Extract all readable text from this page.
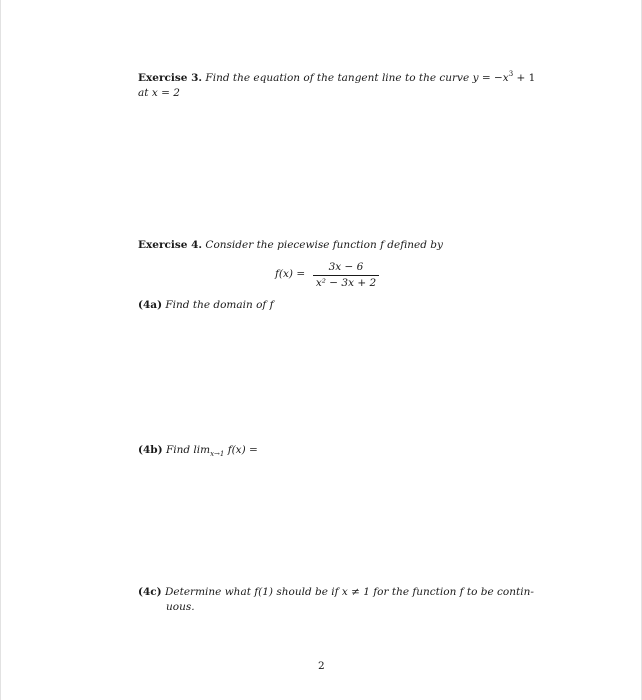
Exercise 3. Find the equation of the tangent line to the curve $y = -x^3 + 1$
at x = 2
Exercise 4. Consider the piecewise function f defined by
f(x) =
3x − 6
x² − 3x + 2
(4a) Find the domain of f
(4b) Find $\lim_{x\to 1} f(x)$ =
(4c) Determine what f(1) should be if x ≠ 1 for the function f to be contin-
uous.
2
